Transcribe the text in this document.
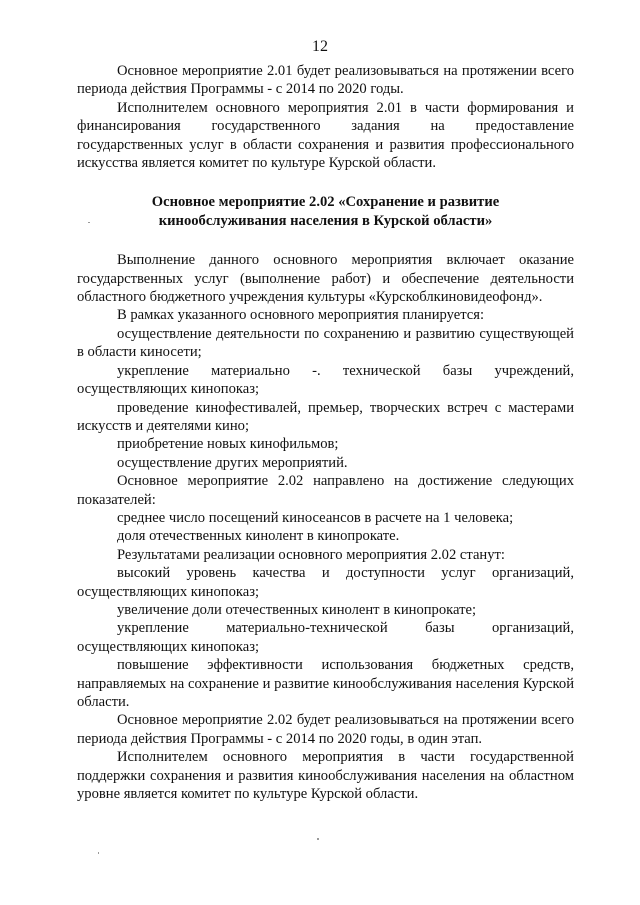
12

Основное мероприятие 2.01 будет реализовываться на протяжении всего периода действия Программы - с 2014 по 2020 годы.

Исполнителем основного мероприятия 2.01 в части формирования и финансирования государственного задания на предоставление государственных услуг в области сохранения и развития профессионального искусства является комитет по культуре Курской области.

Основное мероприятие 2.02 «Сохранение и развитие кинообслуживания населения в Курской области»

Выполнение данного основного мероприятия включает оказание государственных услуг (выполнение работ) и обеспечение деятельности областного бюджетного учреждения культуры «Курскоблкиновидеофонд».

В рамках указанного основного мероприятия планируется:

осуществление деятельности по сохранению и развитию существующей в области киносети;

укрепление материально -. технической базы учреждений, осуществляющих кинопоказ;

проведение кинофестивалей, премьер, творческих встреч с мастерами искусств и деятелями кино;

приобретение новых кинофильмов;

осуществление других мероприятий.

Основное мероприятие 2.02 направлено на достижение следующих показателей:

среднее число посещений киносеансов в расчете на 1 человека;

доля отечественных кинолент в кинопрокате.

Результатами реализации основного мероприятия 2.02 станут:

высокий уровень качества и доступности услуг организаций, осуществляющих кинопоказ;

увеличение доли отечественных кинолент в кинопрокате;

укрепление материально-технической базы организаций, осуществляющих кинопоказ;

повышение эффективности использования бюджетных средств, направляемых на сохранение и развитие кинообслуживания населения Курской области.

Основное мероприятие 2.02 будет реализовываться на протяжении всего периода действия Программы - с 2014 по 2020 годы, в один этап.

Исполнителем основного мероприятия в части государственной поддержки сохранения и развития кинообслуживания населения на областном уровне является комитет по культуре Курской области.
